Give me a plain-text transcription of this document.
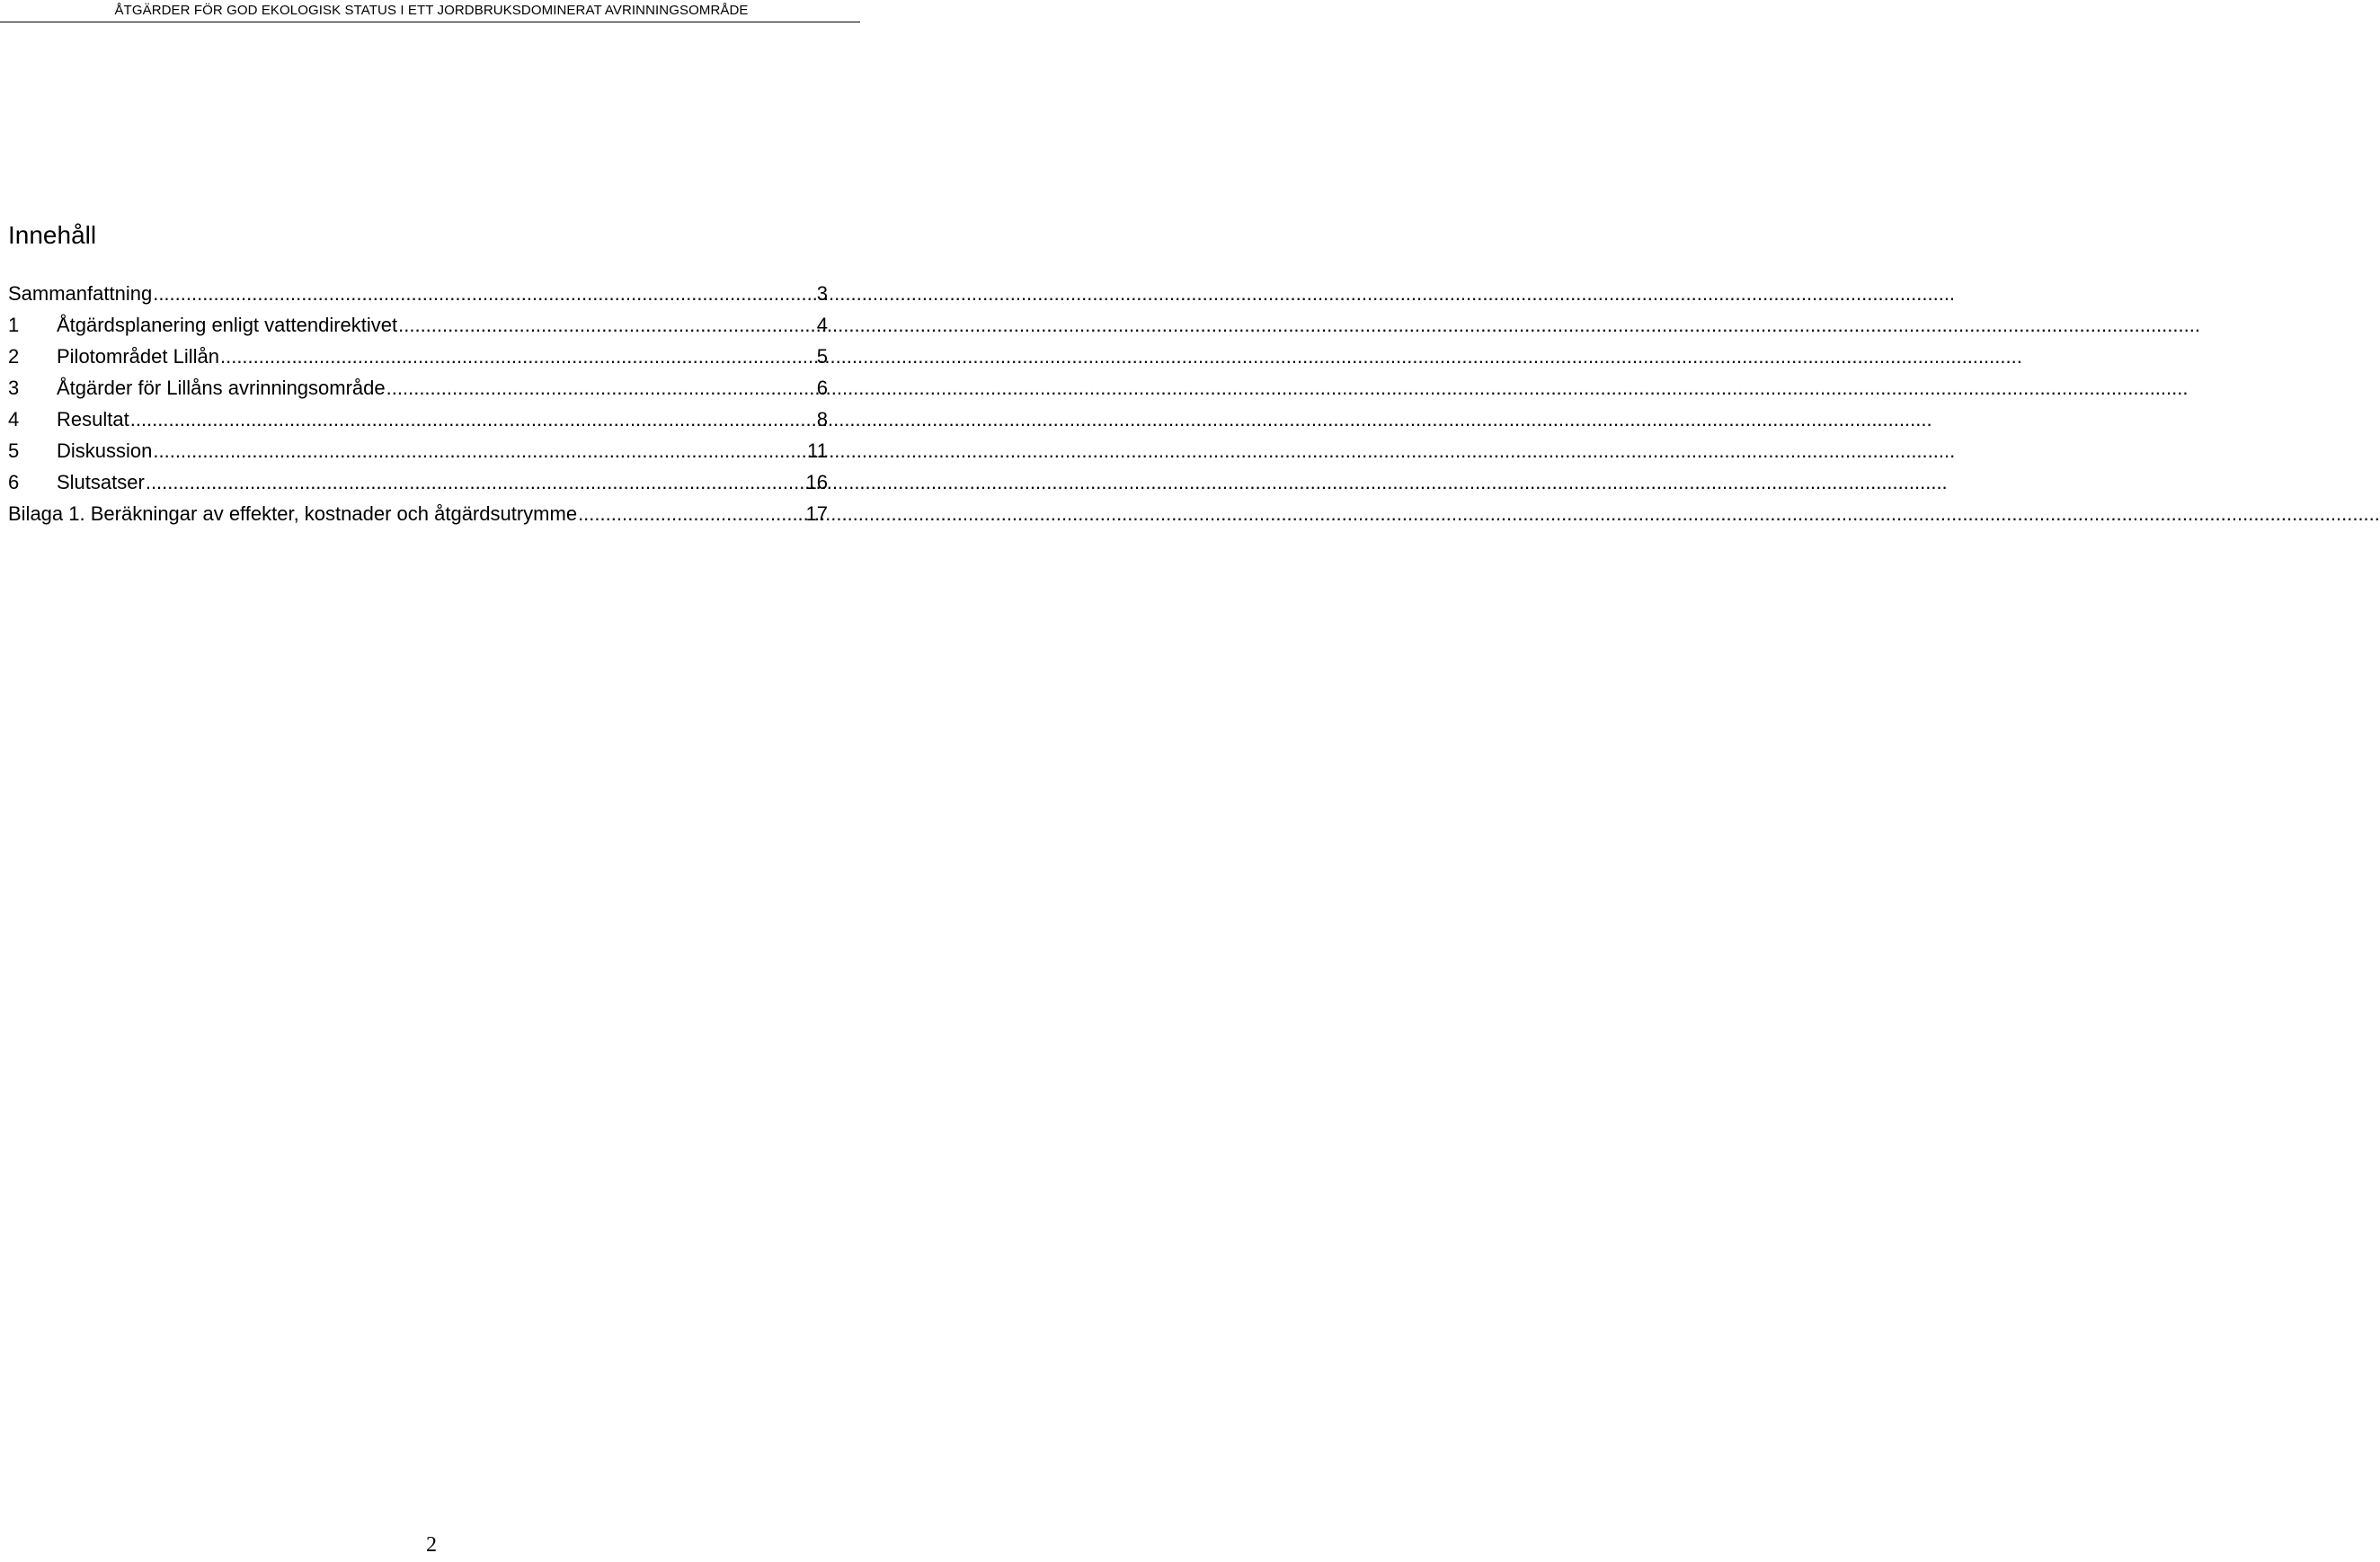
ÅTGÄRDER FÖR GOD EKOLOGISK STATUS I ETT JORDBRUKSDOMINERAT AVRINNINGSOMRÅDE
Innehåll
Sammanfattning .....	3
1	Åtgärdsplanering enligt vattendirektivet .....	4
2	Pilotområdet Lillån .....	5
3	Åtgärder för Lillåns avrinningsområde .....	6
4	Resultat .....	8
5	Diskussion .....	11
6	Slutsatser .....	16
Bilaga 1. Beräkningar av effekter, kostnader och åtgärdsutrymme .....	17
2
